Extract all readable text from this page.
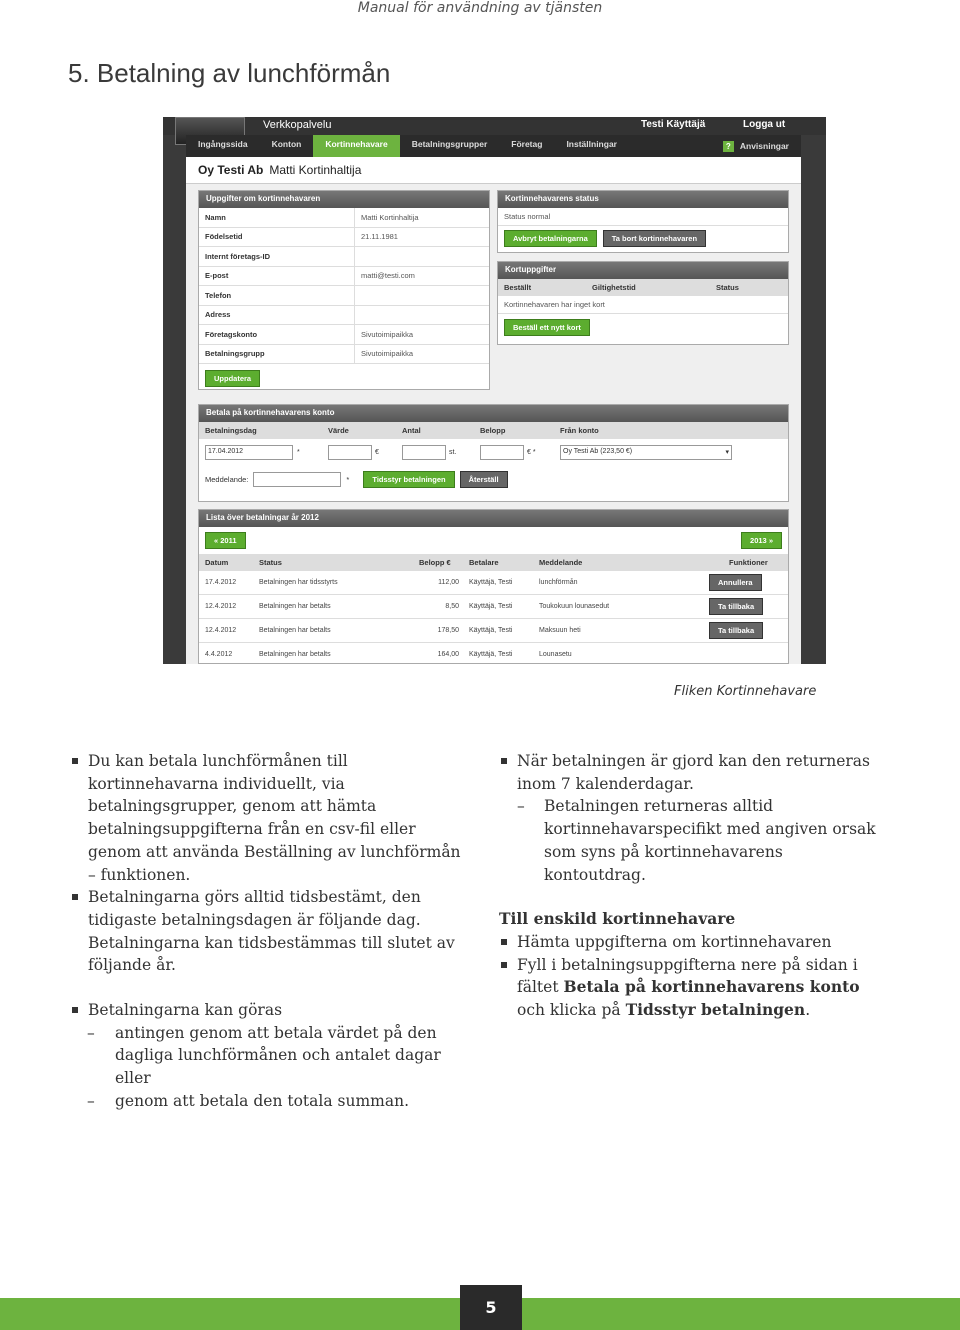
Manual för användning av tjänsten
5. Betalning av lunchförmån
Verkkopalvelu	Testi Käyttäjä	Logga ut
Ingångssida	Konton	Kortinnehavare	Betalningsgrupper	Företag	Inställningar	?	Anvisningar
Oy Testi Ab Matti Kortinhaltija
Uppgifter om kortinnehavaren
Namn	Matti Kortinhaltija
Födelsetid	21.11.1981
Internt företags-ID
E-post	matti@testi.com
Telefon
Adress
Företagskonto	Sivutoimipaikka
Betalningsgrupp	Sivutoimipaikka
Uppdatera
Kortinnehavarens status
Status normal
Avbryt betalningarna	Ta bort kortinnehavaren
Kortuppgifter
Beställt	Giltighetstid	Status
Kortinnehavaren har inget kort
Beställ ett nytt kort
Betala på kortinnehavarens konto
Betalningsdag	Värde	Antal	Belopp	Från konto
17.04.2012	*	€	st.	€ *	Oy Testi Ab (223,50 €)	▾
Meddelande:	*	Tidsstyr betalningen	Återställ
Lista över betalningar år 2012
« 2011	2013 »
Datum	Status	Belopp €	Betalare	Meddelande	Funktioner
17.4.2012	Betalningen har tidsstyrts	112,00	Käyttäjä, Testi	lunchförmån	Annullera
12.4.2012	Betalningen har betalts	8,50	Käyttäjä, Testi	Toukokuun lounasedut	Ta tillbaka
12.4.2012	Betalningen har betalts	178,50	Käyttäjä, Testi	Maksuun heti	Ta tillbaka
4.4.2012	Betalningen har betalts	164,00	Käyttäjä, Testi	Lounasetu
Fliken Kortinnehavare
Du kan betala lunchförmånen till kortinnehavarna individuellt, via betalningsgrupper, genom att hämta betalningsuppgifterna från en csv-fil eller genom att använda Beställning av lunchförmån – funktionen.
Betalningarna görs alltid tidsbestämt, den tidigaste betalningsdagen är följande dag. Betalningarna kan tidsbestämmas till slutet av följande år.
Betalningarna kan göras
– antingen genom att betala värdet på den dagliga lunchförmånen och antalet dagar eller
– genom att betala den totala summan.
När betalningen är gjord kan den returneras inom 7 kalenderdagar.
– Betalningen returneras alltid kortinnehavarspecifikt med angiven orsak som syns på kortinnehavarens kontoutdrag.
Till enskild kortinnehavare
Hämta uppgifterna om kortinnehavaren
Fyll i betalningsuppgifterna nere på sidan i fältet Betala på kortinnehavarens konto och klicka på Tidsstyr betalningen.
5
